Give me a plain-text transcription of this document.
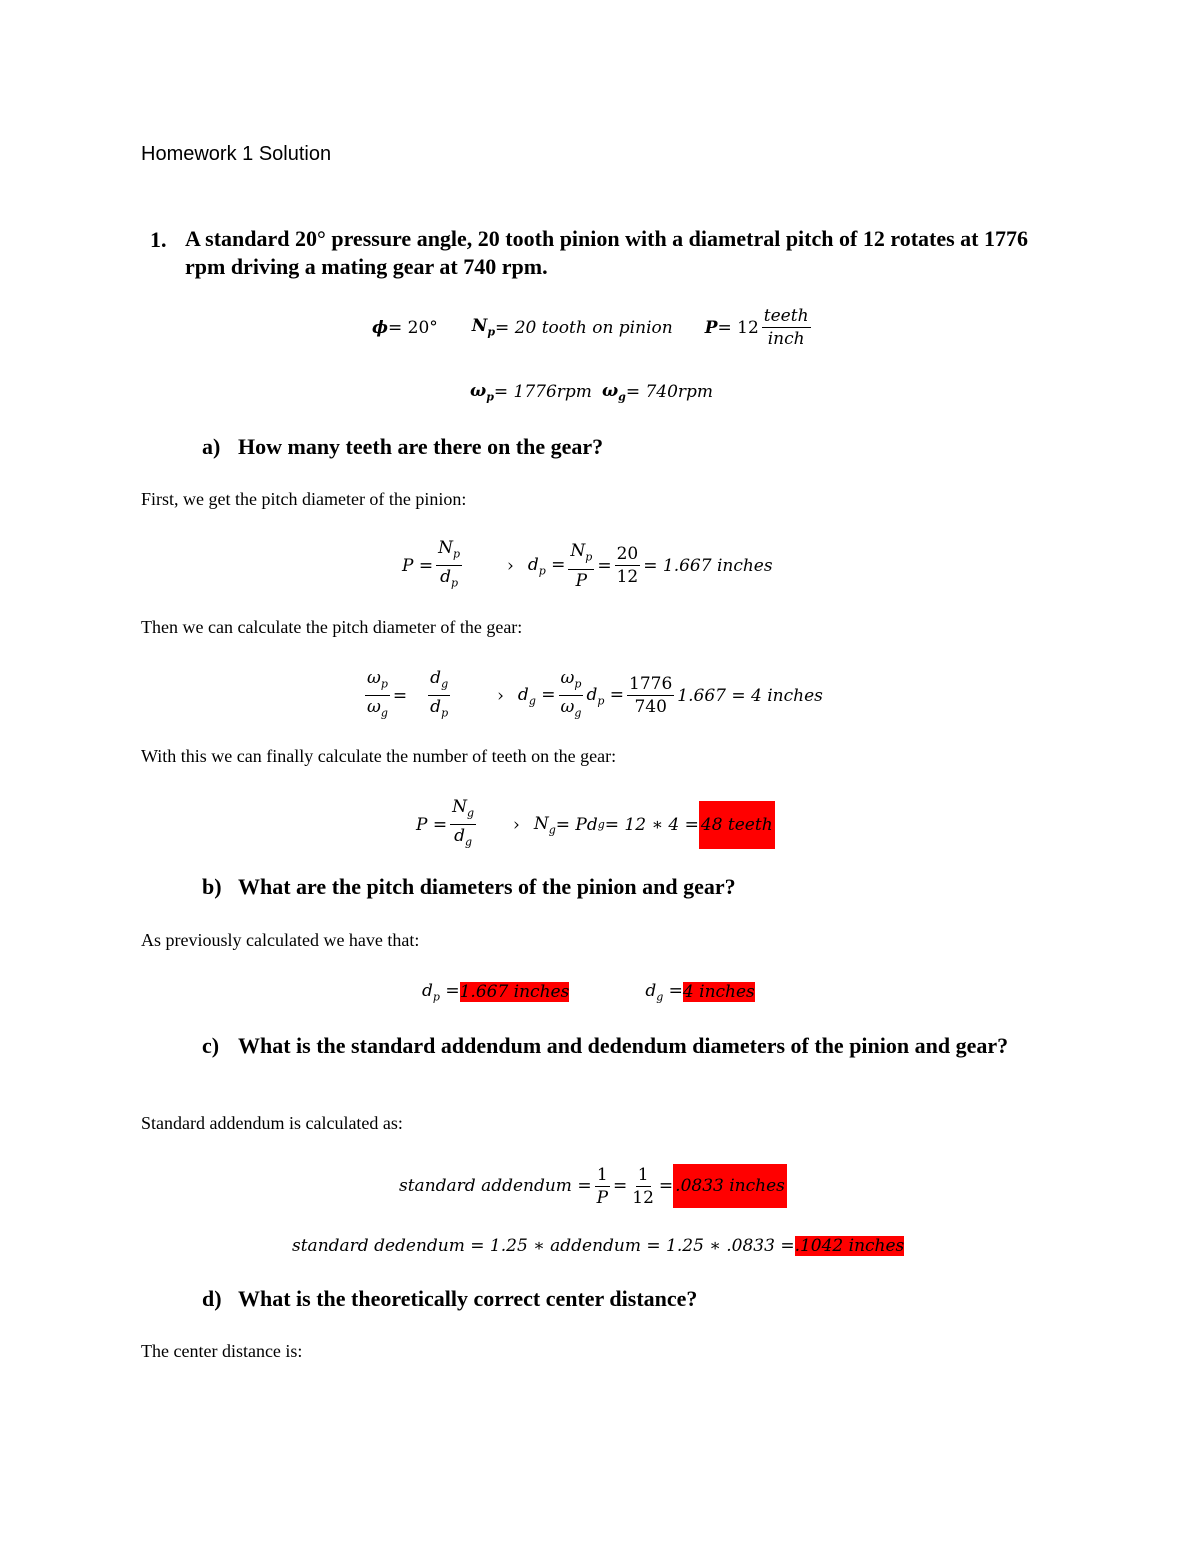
Homework 1 Solution
1. A standard 20° pressure angle, 20 tooth pinion with a diametral pitch of 12 rotates at 1776 rpm driving a mating gear at 740 rpm.
ϕ = 20° $N_p = 20$ tooth on pinion $P = 12 \frac{\text{teeth}}{\text{inch}}$
$\omega_p = 1776rpm$ $\omega_g = 740rpm$
a) How many teeth are there on the gear?
First, we get the pitch diameter of the pinion:
$P = \frac{N_p}{d_p}$	› $d_p = \frac{N_p}{P} = \frac{20}{12} = 1.667$ inches
Then we can calculate the pitch diameter of the gear:
$\frac{\omega_p}{\omega_g} = \frac{d_g}{d_p}$	› $d_g = \frac{\omega_p}{\omega_g} d_p = \frac{1776}{740} 1.667 = 4$ inches
With this we can finally calculate the number of teeth on the gear:
$P = \frac{N_g}{d_g}$ › $N_g = Pd$ g = 12 ∗ 4 = 48 teeth
b) What are the pitch diameters of the pinion and gear?
As previously calculated we have that:
$d_p = 1.667$ inches	$d_g = 4$ inches
c) What is the standard addendum and dedendum diameters of the pinion and gear?
Standard addendum is calculated as:
standard addendum = $\frac{1}{P} = \frac{1}{12} = .0833$ inches
standard dedendum = 1.25 ∗ addendum = 1.25 ∗ .0833 = .1042 inches
d) What is the theoretically correct center distance?
The center distance is:
